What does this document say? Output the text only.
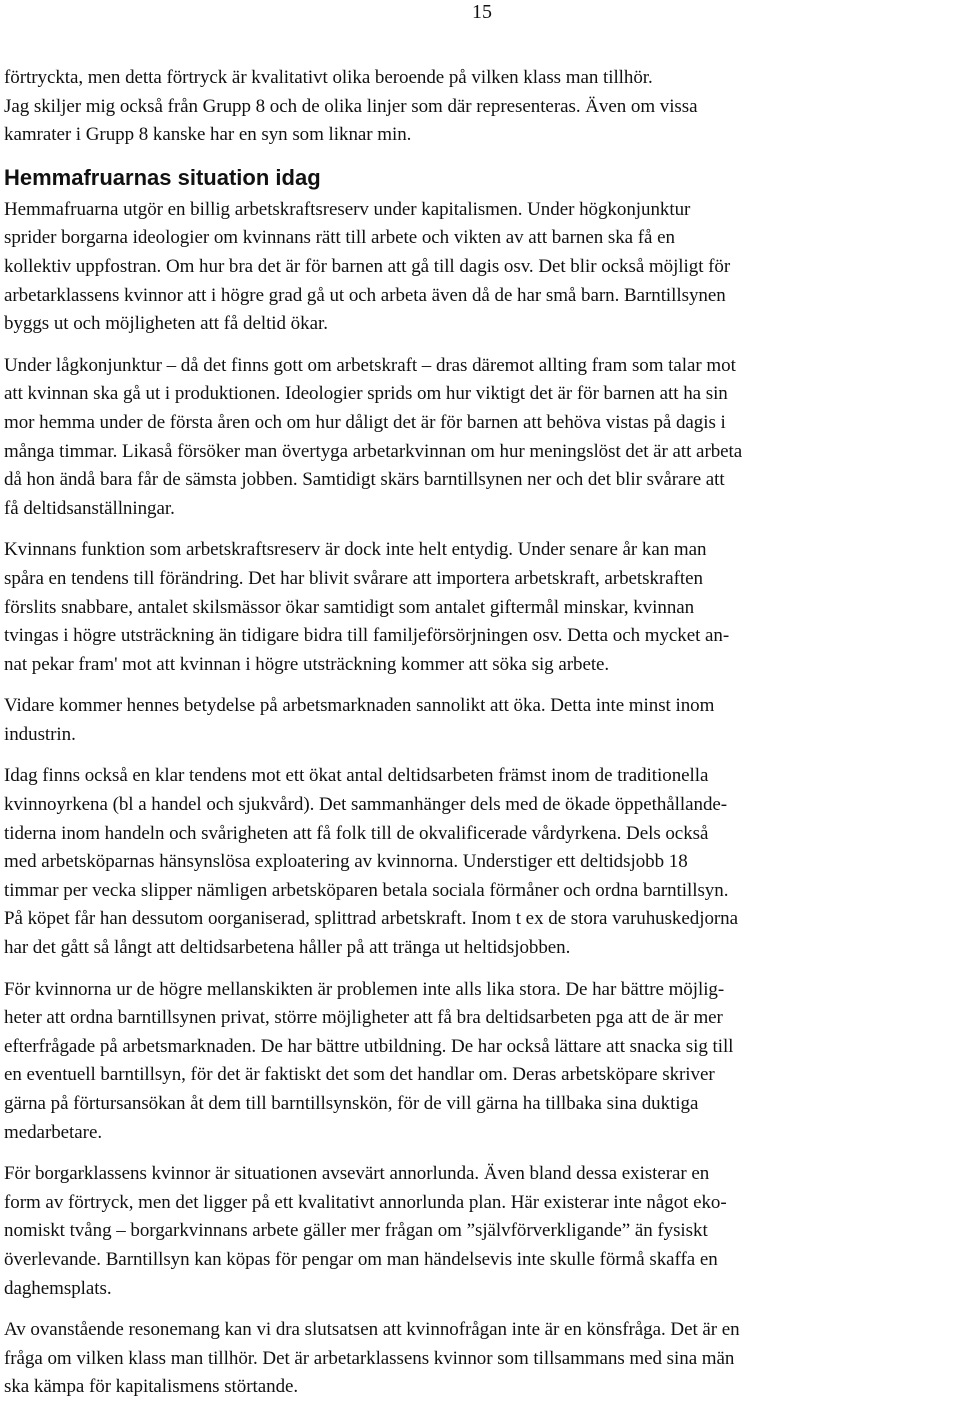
15

förtryckta, men detta förtryck är kvalitativt olika beroende på vilken klass man tillhör.
Jag skiljer mig också från Grupp 8 och de olika linjer som där representeras. Även om vissa
kamrater i Grupp 8 kanske har en syn som liknar min.

Hemmafruarnas situation idag

Hemmafruarna utgör en billig arbetskraftsreserv under kapitalismen. Under högkonjunktur
sprider borgarna ideologier om kvinnans rätt till arbete och vikten av att barnen ska få en
kollektiv uppfostran. Om hur bra det är för barnen att gå till dagis osv. Det blir också möjligt för
arbetarklassens kvinnor att i högre grad gå ut och arbeta även då de har små barn. Barntillsynen
byggs ut och möjligheten att få deltid ökar.

Under lågkonjunktur – då det finns gott om arbetskraft – dras däremot allting fram som talar mot
att kvinnan ska gå ut i produktionen. Ideologier sprids om hur viktigt det är för barnen att ha sin
mor hemma under de första åren och om hur dåligt det är för barnen att behöva vistas på dagis i
många timmar. Likaså försöker man övertyga arbetarkvinnan om hur meningslöst det är att arbeta
då hon ändå bara får de sämsta jobben. Samtidigt skärs barntillsynen ner och det blir svårare att
få deltidsanställningar.

Kvinnans funktion som arbetskraftsreserv är dock inte helt entydig. Under senare år kan man
spåra en tendens till förändring. Det har blivit svårare att importera arbetskraft, arbetskraften
förslits snabbare, antalet skilsmässor ökar samtidigt som antalet giftermål minskar, kvinnan
tvingas i högre utsträckning än tidigare bidra till familjeförsörjningen osv. Detta och mycket an-
nat pekar fram' mot att kvinnan i högre utsträckning kommer att söka sig arbete.

Vidare kommer hennes betydelse på arbetsmarknaden sannolikt att öka. Detta inte minst inom
industrin.

Idag finns också en klar tendens mot ett ökat antal deltidsarbeten främst inom de traditionella
kvinnoyrkena (bl a handel och sjukvård). Det sammanhänger dels med de ökade öppethållande-
tiderna inom handeln och svårigheten att få folk till de okvalificerade vårdyrkena. Dels också
med arbetsköparnas hänsynslösa exploatering av kvinnorna. Understiger ett deltidsjobb 18
timmar per vecka slipper nämligen arbetsköparen betala sociala förmåner och ordna barntillsyn.
På köpet får han dessutom oorganiserad, splittrad arbetskraft. Inom t ex de stora varuhuskedjorna
har det gått så långt att deltidsarbetena håller på att tränga ut heltidsjobben.

För kvinnorna ur de högre mellanskikten är problemen inte alls lika stora. De har bättre möjlig-
heter att ordna barntillsynen privat, större möjligheter att få bra deltidsarbeten pga att de är mer
efterfrågade på arbetsmarknaden. De har bättre utbildning. De har också lättare att snacka sig till
en eventuell barntillsyn, för det är faktiskt det som det handlar om. Deras arbetsköpare skriver
gärna på förtursansökan åt dem till barntillsynskön, för de vill gärna ha tillbaka sina duktiga
medarbetare.

För borgarklassens kvinnor är situationen avsevärt annorlunda. Även bland dessa existerar en
form av förtryck, men det ligger på ett kvalitativt annorlunda plan. Här existerar inte något eko-
nomiskt tvång – borgarkvinnans arbete gäller mer frågan om ”självförverkligande” än fysiskt
överlevande. Barntillsyn kan köpas för pengar om man händelsevis inte skulle förmå skaffa en
daghemsplats.

Av ovanstående resonemang kan vi dra slutsatsen att kvinnofrågan inte är en könsfråga. Det är en
fråga om vilken klass man tillhör. Det är arbetarklassens kvinnor som tillsammans med sina män
ska kämpa för kapitalismens störtande.
